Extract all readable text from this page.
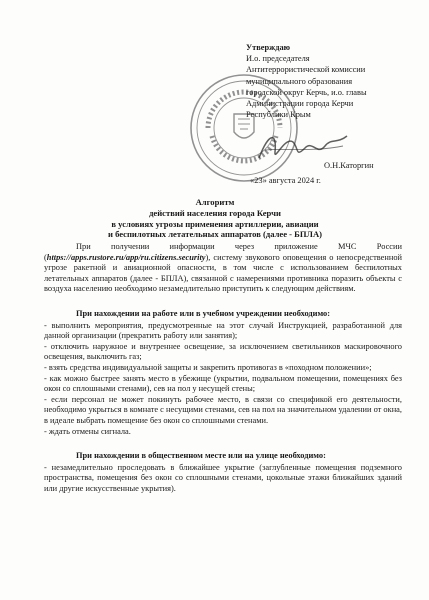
Утверждаю
И.о. председателя
Антитеррористической комиссии
муниципального образования
городской округ Керчь, и.о. главы
Администрации города Керчи
Республики Крым
О.Н.Каторгин
«23» августа 2024 г.
Алгоритм
действий населения города Керчи
в условиях угрозы применения артиллерии, авиации
и беспилотных летательных аппаратов (далее - БПЛА)

При получении информации через приложение МЧС России (https://apps.rustore.ru/app/ru.citizens.security), систему звукового оповещения о непосредственной угрозе ракетной и авиационной опасности, в том числе с использованием беспилотных летательных аппаратов (далее - БПЛА), связанной с намерениями противника поразить объекты с воздуха населению необходимо незамедлительно приступить к следующим действиям.

При нахождении на работе или в учебном учреждении необходимо:

- выполнить мероприятия, предусмотренные на этот случай Инструкцией, разработанной для данной организации (прекратить работу или занятия);

- отключить наружное и внутреннее освещение, за исключением светильников маскировочного освещения, выключить газ;

- взять средства индивидуальной защиты и закрепить противогаз в «походном положении»;

- как можно быстрее занять место в убежище (укрытии, подвальном помещении, помещениях без окон со сплошными стенами), сев на пол у несущей стены;

- если персонал не может покинуть рабочее место, в связи со спецификой его деятельности, необходимо укрыться в комнате с несущими стенами, сев на пол на значительном удалении от окна, в идеале выбрать помещение без окон со сплошными стенами.

- ждать отмены сигнала.

При нахождении в общественном месте или на улице необходимо:

- незамедлительно проследовать в ближайшее укрытие (заглубленные помещения подземного пространства, помещения без окон со сплошными стенами, цокольные этажи ближайших зданий или другие искусственные укрытия).
